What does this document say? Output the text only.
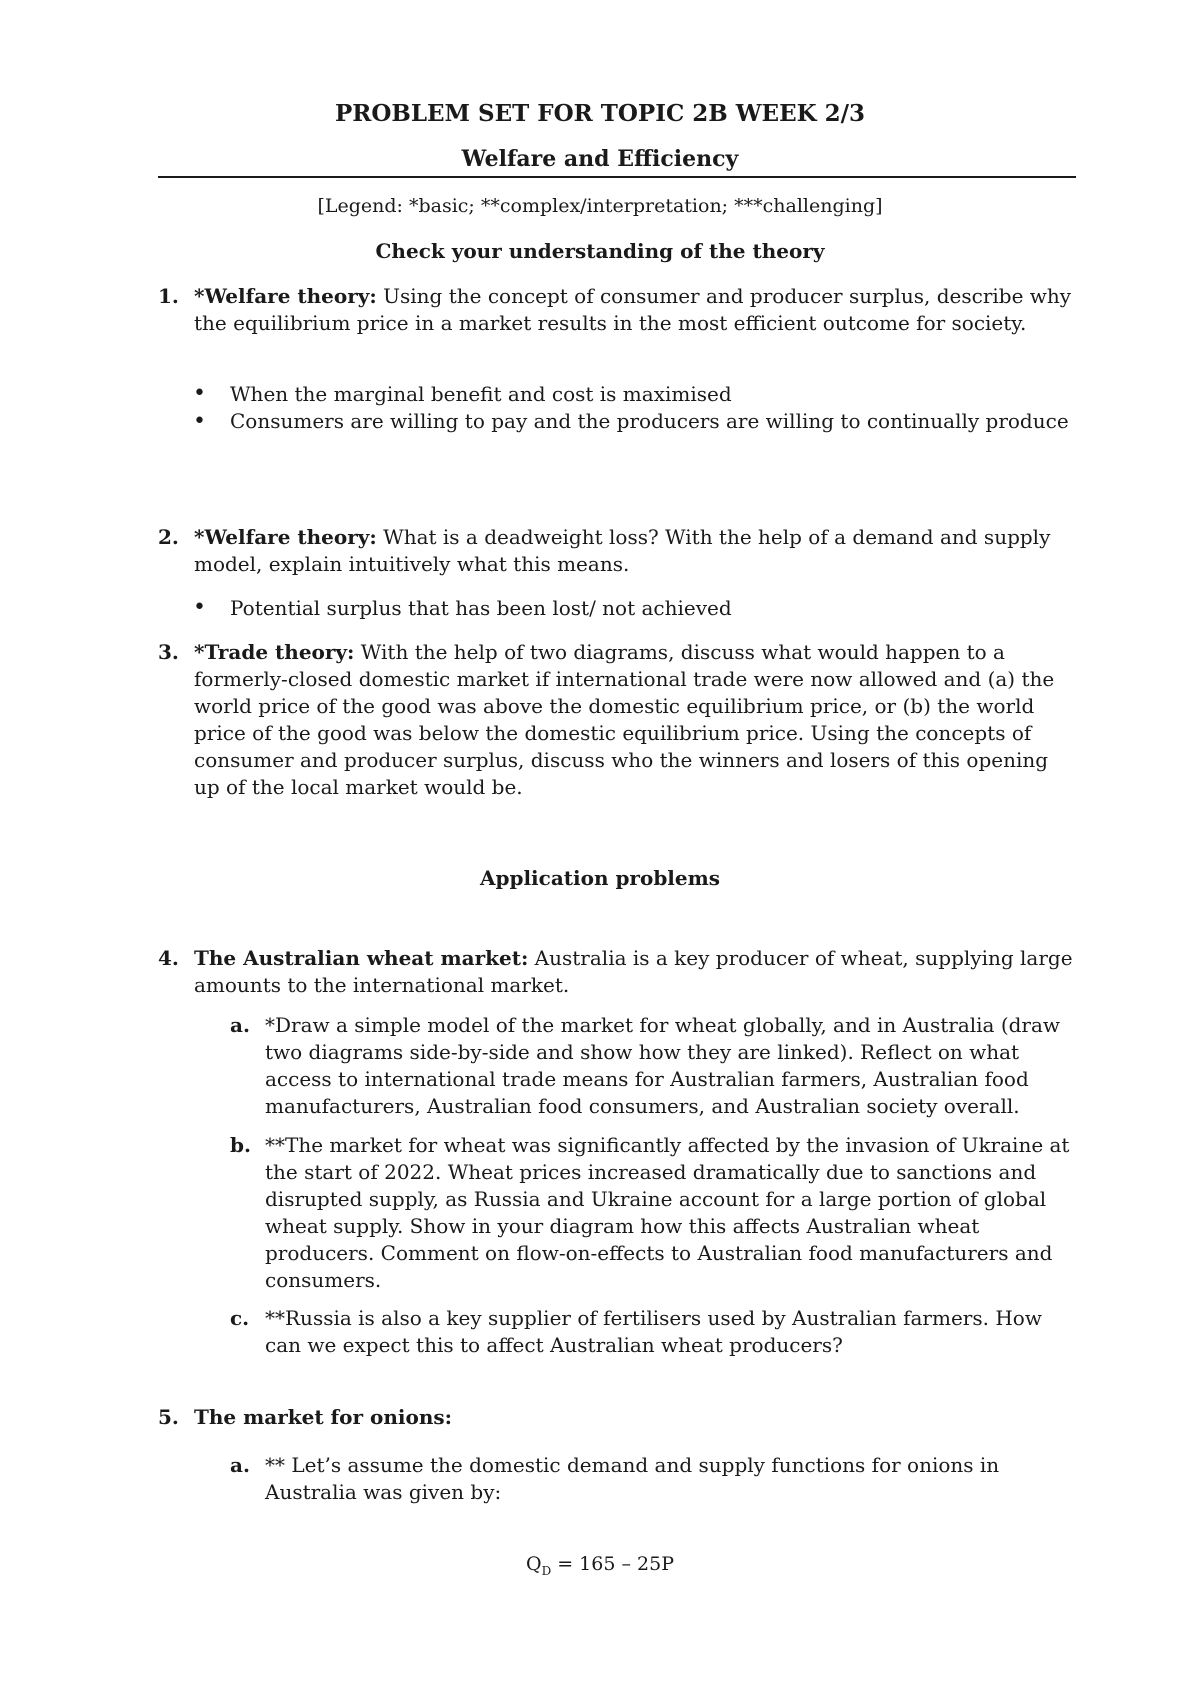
PROBLEM SET FOR TOPIC 2B WEEK 2/3
Welfare and Efficiency
[Legend: *basic; **complex/interpretation; ***challenging]
Check your understanding of the theory
1. *Welfare theory: Using the concept of consumer and producer surplus, describe why the equilibrium price in a market results in the most efficient outcome for society.
• When the marginal benefit and cost is maximised
• Consumers are willing to pay and the producers are willing to continually produce
2. *Welfare theory: What is a deadweight loss? With the help of a demand and supply model, explain intuitively what this means.
• Potential surplus that has been lost/ not achieved
3. *Trade theory: With the help of two diagrams, discuss what would happen to a formerly-closed domestic market if international trade were now allowed and (a) the world price of the good was above the domestic equilibrium price, or (b) the world price of the good was below the domestic equilibrium price. Using the concepts of consumer and producer surplus, discuss who the winners and losers of this opening up of the local market would be.
Application problems
4. The Australian wheat market: Australia is a key producer of wheat, supplying large amounts to the international market.
a. *Draw a simple model of the market for wheat globally, and in Australia (draw two diagrams side-by-side and show how they are linked). Reflect on what access to international trade means for Australian farmers, Australian food manufacturers, Australian food consumers, and Australian society overall.
b. **The market for wheat was significantly affected by the invasion of Ukraine at the start of 2022. Wheat prices increased dramatically due to sanctions and disrupted supply, as Russia and Ukraine account for a large portion of global wheat supply. Show in your diagram how this affects Australian wheat producers. Comment on flow-on-effects to Australian food manufacturers and consumers.
c. **Russia is also a key supplier of fertilisers used by Australian farmers. How can we expect this to affect Australian wheat producers?
5. The market for onions:
a. ** Let’s assume the domestic demand and supply functions for onions in Australia was given by:
$Q_D = 165 - 25P$
